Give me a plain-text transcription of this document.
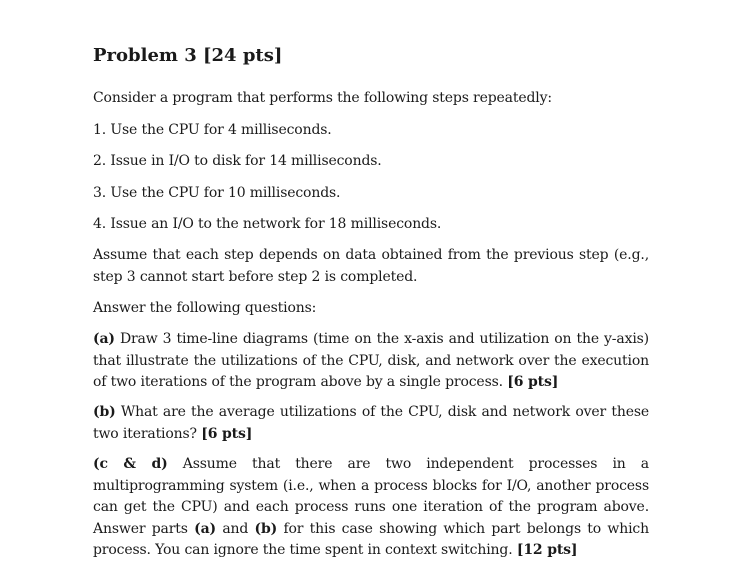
Problem 3 [24 pts]

Consider a program that performs the following steps repeatedly:

1. Use the CPU for 4 milliseconds.

2. Issue in I/O to disk for 14 milliseconds.

3. Use the CPU for 10 milliseconds.

4. Issue an I/O to the network for 18 milliseconds.

Assume that each step depends on data obtained from the previous step (e.g., step 3 cannot start before step 2 is completed.

Answer the following questions:

(a) Draw 3 time-line diagrams (time on the x-axis and utilization on the y-axis) that illustrate the utilizations of the CPU, disk, and network over the execution of two iterations of the program above by a single process. [6 pts]

(b) What are the average utilizations of the CPU, disk and network over these two iterations? [6 pts]

(c & d) Assume that there are two independent processes in a multiprogramming system (i.e., when a process blocks for I/O, another process can get the CPU) and each process runs one iteration of the program above. Answer parts (a) and (b) for this case showing which part belongs to which process. You can ignore the time spent in context switching. [12 pts]
